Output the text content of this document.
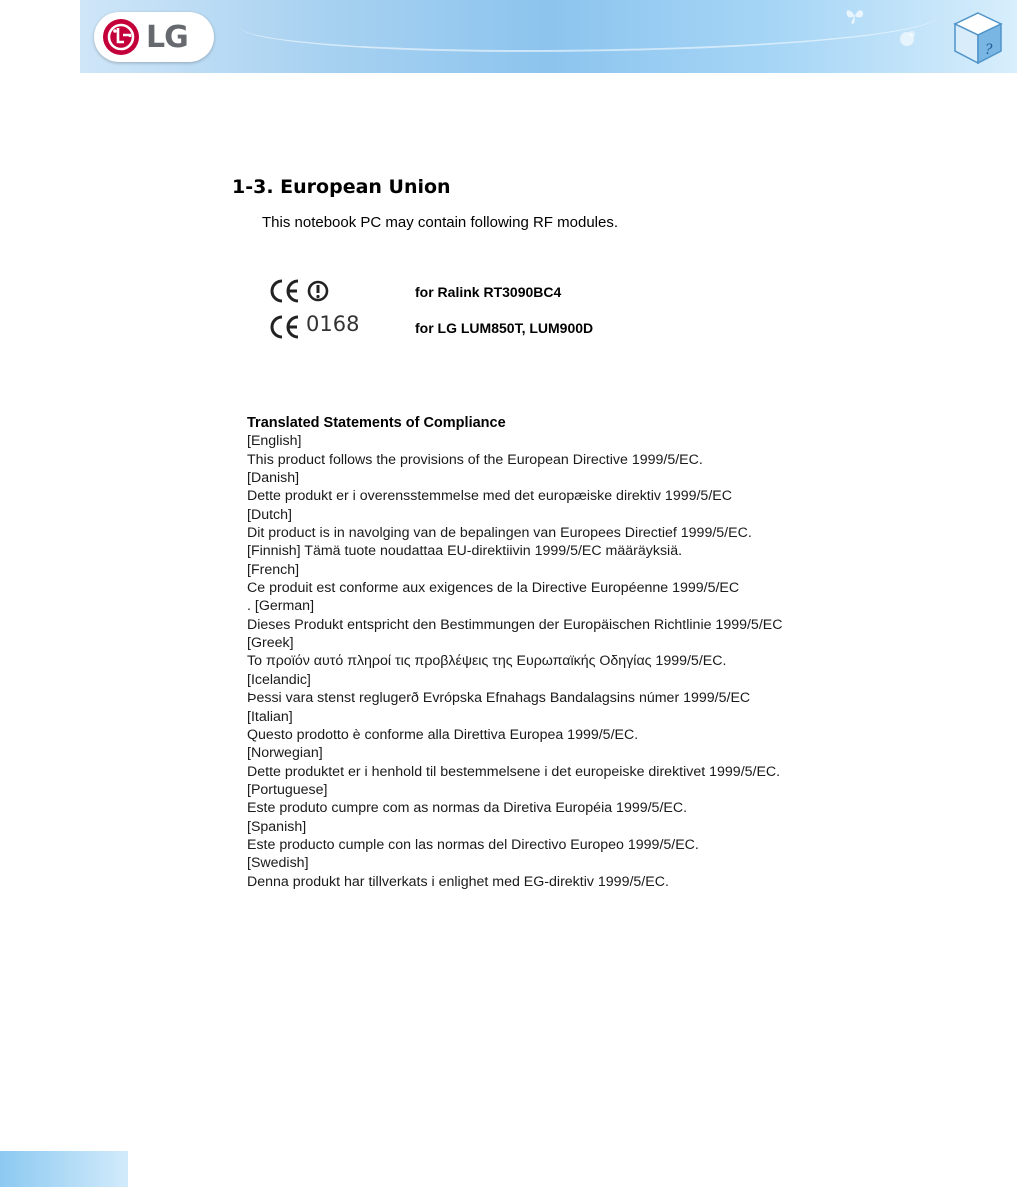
LG	?
1-3. European Union

This notebook PC may contain following RF modules.

for Ralink RT3090BC4
0168	for LG LUM850T, LUM900D
Translated Statements of Compliance
[English]
This product follows the provisions of the European Directive 1999/5/EC.
[Danish]
Dette produkt er i overensstemmelse med det europæiske direktiv 1999/5/EC
[Dutch]
Dit product is in navolging van de bepalingen van Europees Directief 1999/5/EC.
[Finnish] Tämä tuote noudattaa EU-direktiivin 1999/5/EC määräyksiä.
[French]
Ce produit est conforme aux exigences de la Directive Européenne 1999/5/EC
. [German]
Dieses Produkt entspricht den Bestimmungen der Europäischen Richtlinie 1999/5/EC
[Greek]
Το προϊόν αυτό πληροί τις προβλέψεις της Ευρωπαϊκής Οδηγίας 1999/5/EC.
[Icelandic]
Þessi vara stenst reglugerð Evrópska Efnahags Bandalagsins númer 1999/5/EC
[Italian]
Questo prodotto è conforme alla Direttiva Europea 1999/5/EC.
[Norwegian]
Dette produktet er i henhold til bestemmelsene i det europeiske direktivet 1999/5/EC.
[Portuguese]
Este produto cumpre com as normas da Diretiva Européia 1999/5/EC.
[Spanish]
Este producto cumple con las normas del Directivo Europeo 1999/5/EC.
[Swedish]
Denna produkt har tillverkats i enlighet med EG-direktiv 1999/5/EC.
